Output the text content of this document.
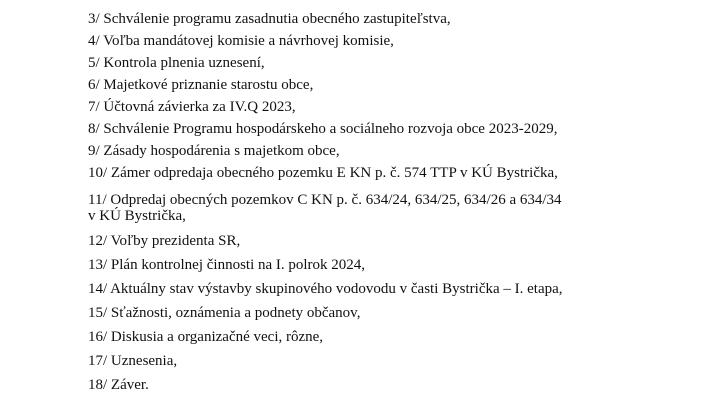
3/ Schválenie programu zasadnutia obecného zastupiteľstva,
4/ Voľba mandátovej komisie a návrhovej komisie,
5/ Kontrola plnenia uznesení,
6/ Majetkové priznanie starostu obce,
7/ Účtovná závierka za IV.Q 2023,
8/ Schválenie Programu hospodárskeho a sociálneho rozvoja obce 2023-2029,
9/ Zásady hospodárenia s majetkom obce,
10/ Zámer odpredaja obecného pozemku E KN p. č. 574 TTP v KÚ Bystrička,
11/ Odpredaj obecných pozemkov C KN p. č. 634/24, 634/25, 634/26 a 634/34
v KÚ Bystrička,
12/ Voľby prezidenta SR,
13/ Plán kontrolnej činnosti na I. polrok 2024,
14/ Aktuálny stav výstavby skupinového vodovodu v časti Bystrička – I. etapa,
15/ Sťažnosti, oznámenia a podnety občanov,
16/ Diskusia a organizačné veci, rôzne,
17/ Uznesenia,
18/ Záver.
